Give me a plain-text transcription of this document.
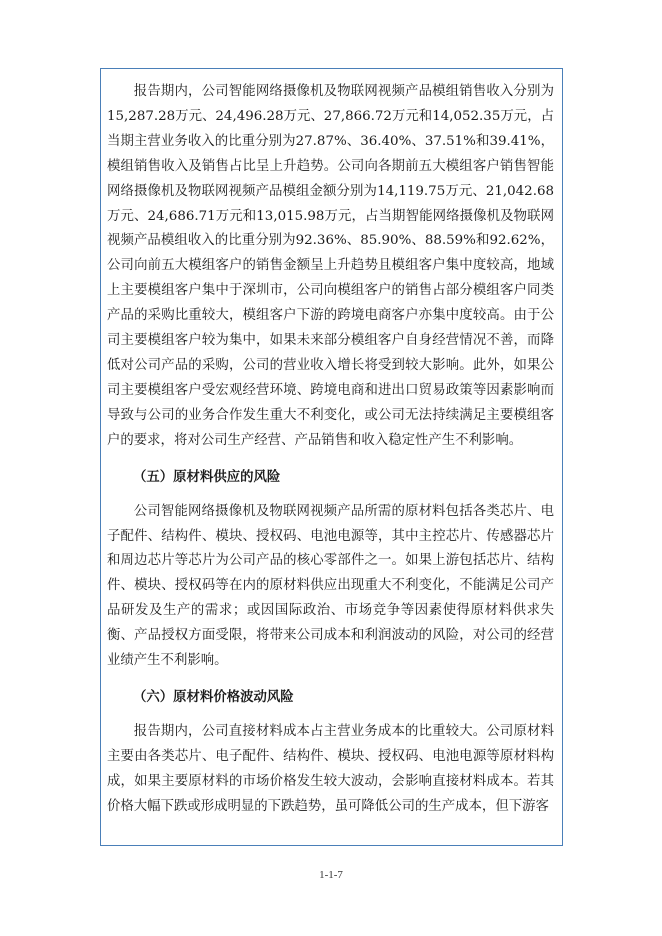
报告期内，公司智能网络摄像机及物联网视频产品模组销售收入分别为15,287.28万元、24,496.28万元、27,866.72万元和14,052.35万元，占当期主营业务收入的比重分别为27.87%、36.40%、37.51%和39.41%，模组销售收入及销售占比呈上升趋势。公司向各期前五大模组客户销售智能网络摄像机及物联网视频产品模组金额分别为14,119.75万元、21,042.68万元、24,686.71万元和13,015.98万元，占当期智能网络摄像机及物联网视频产品模组收入的比重分别为92.36%、85.90%、88.59%和92.62%，公司向前五大模组客户的销售金额呈上升趋势且模组客户集中度较高，地域上主要模组客户集中于深圳市，公司向模组客户的销售占部分模组客户同类产品的采购比重较大，模组客户下游的跨境电商客户亦集中度较高。由于公司主要模组客户较为集中，如果未来部分模组客户自身经营情况不善，而降低对公司产品的采购，公司的营业收入增长将受到较大影响。此外，如果公司主要模组客户受宏观经营环境、跨境电商和进出口贸易政策等因素影响而导致与公司的业务合作发生重大不利变化，或公司无法持续满足主要模组客户的要求，将对公司生产经营、产品销售和收入稳定性产生不利影响。

（五）原材料供应的风险

公司智能网络摄像机及物联网视频产品所需的原材料包括各类芯片、电子配件、结构件、模块、授权码、电池电源等，其中主控芯片、传感器芯片和周边芯片等芯片为公司产品的核心零部件之一。如果上游包括芯片、结构件、模块、授权码等在内的原材料供应出现重大不利变化，不能满足公司产品研发及生产的需求；或因国际政治、市场竞争等因素使得原材料供求失衡、产品授权方面受限，将带来公司成本和利润波动的风险，对公司的经营业绩产生不利影响。

（六）原材料价格波动风险

报告期内，公司直接材料成本占主营业务成本的比重较大。公司原材料主要由各类芯片、电子配件、结构件、模块、授权码、电池电源等原材料构成，如果主要原材料的市场价格发生较大波动，会影响直接材料成本。若其价格大幅下跌或形成明显的下跌趋势，虽可降低公司的生产成本，但下游客

1-1-7
